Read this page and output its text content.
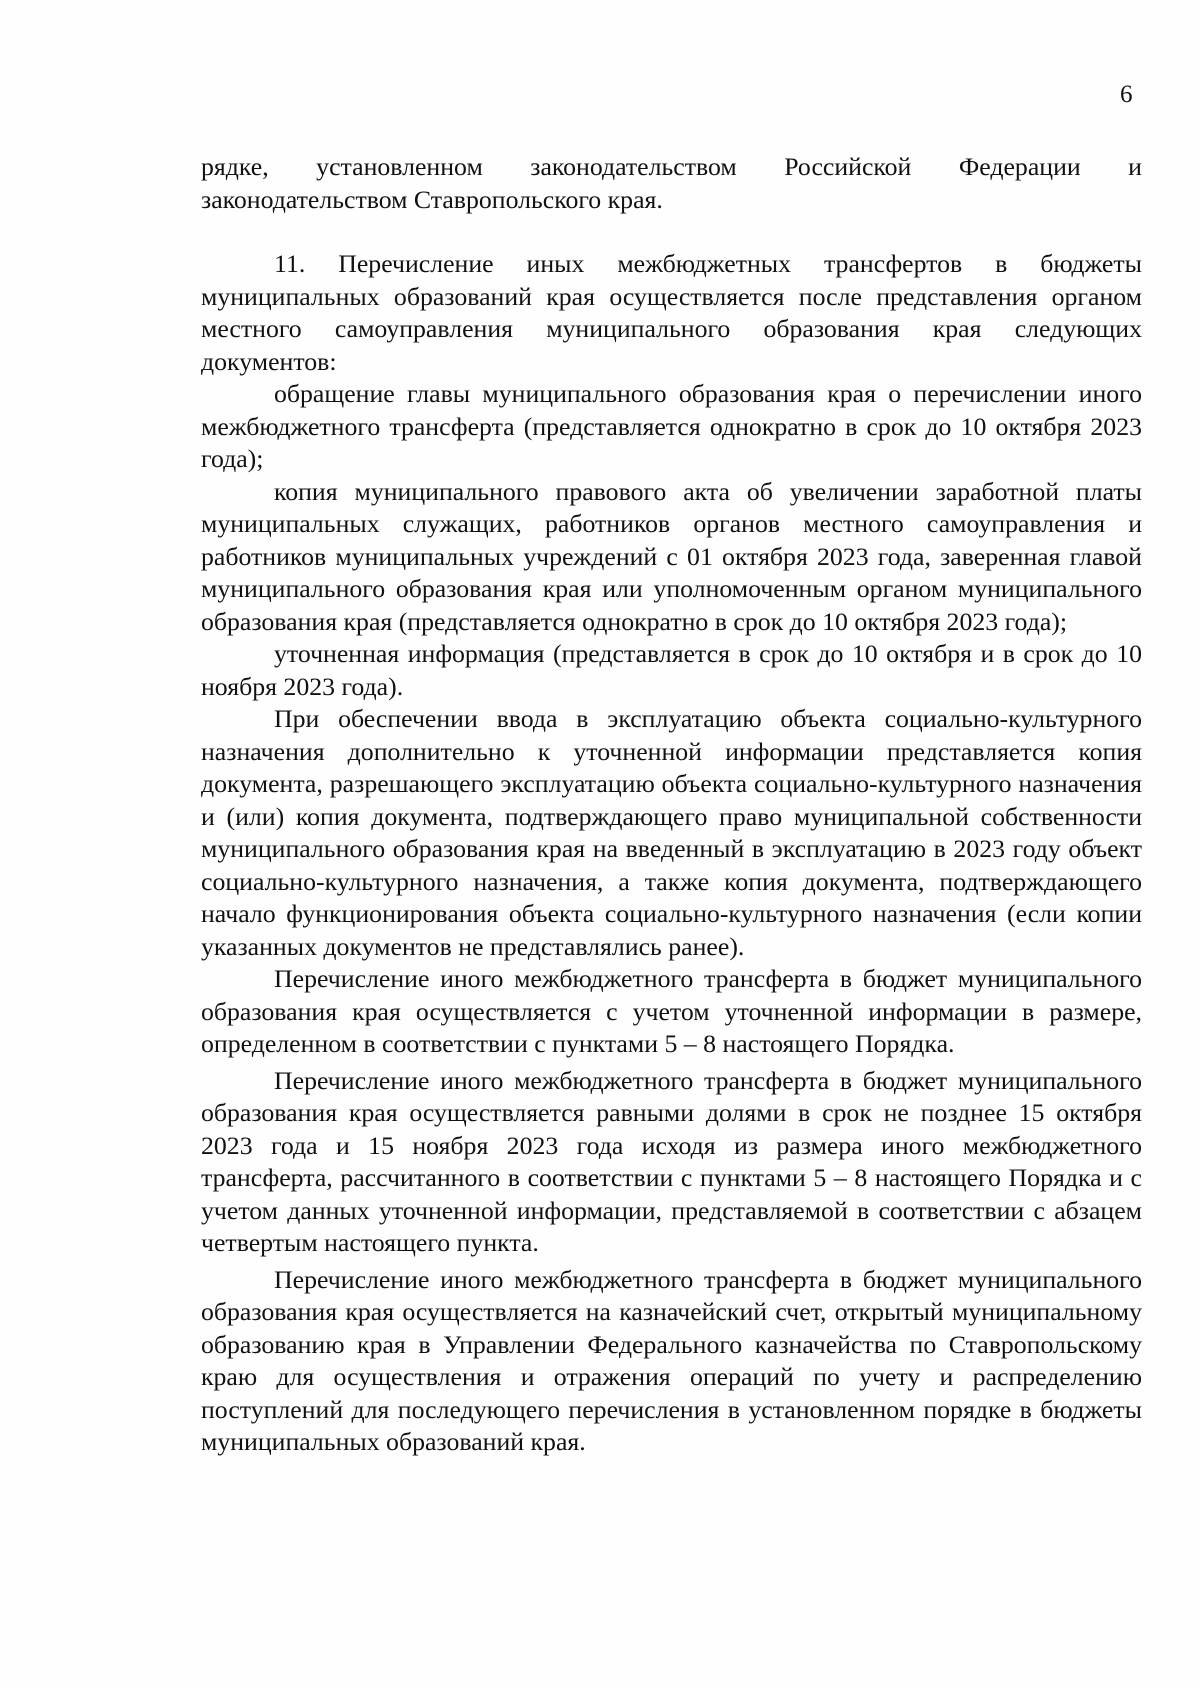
6

рядке, установленном законодательством Российской Федерации и законодательством Ставропольского края.

11. Перечисление иных межбюджетных трансфертов в бюджеты муниципальных образований края осуществляется после представления органом местного самоуправления муниципального образования края следующих документов:

обращение главы муниципального образования края о перечислении иного межбюджетного трансферта (представляется однократно в срок до 10 октября 2023 года);

копия муниципального правового акта об увеличении заработной платы муниципальных служащих, работников органов местного самоуправления и работников муниципальных учреждений с 01 октября 2023 года, заверенная главой муниципального образования края или уполномоченным органом муниципального образования края (представляется однократно в срок до 10 октября 2023 года);

уточненная информация (представляется в срок до 10 октября и в срок до 10 ноября 2023 года).

При обеспечении ввода в эксплуатацию объекта социально-культурного назначения дополнительно к уточненной информации представляется копия документа, разрешающего эксплуатацию объекта социально-культурного назначения и (или) копия документа, подтверждающего право муниципальной собственности муниципального образования края на введенный в эксплуатацию в 2023 году объект социально-культурного назначения, а также копия документа, подтверждающего начало функционирования объекта социально-культурного назначения (если копии указанных документов не представлялись ранее).

Перечисление иного межбюджетного трансферта в бюджет муниципального образования края осуществляется с учетом уточненной информации в размере, определенном в соответствии с пунктами 5 – 8 настоящего Порядка.

Перечисление иного межбюджетного трансферта в бюджет муниципального образования края осуществляется равными долями в срок не позднее 15 октября 2023 года и 15 ноября 2023 года исходя из размера иного межбюджетного трансферта, рассчитанного в соответствии с пунктами 5 – 8 настоящего Порядка и с учетом данных уточненной информации, представляемой в соответствии с абзацем четвертым настоящего пункта.

Перечисление иного межбюджетного трансферта в бюджет муниципального образования края осуществляется на казначейский счет, открытый муниципальному образованию края в Управлении Федерального казначейства по Ставропольскому краю для осуществления и отражения операций по учету и распределению поступлений для последующего перечисления в установленном порядке в бюджеты муниципальных образований края.
